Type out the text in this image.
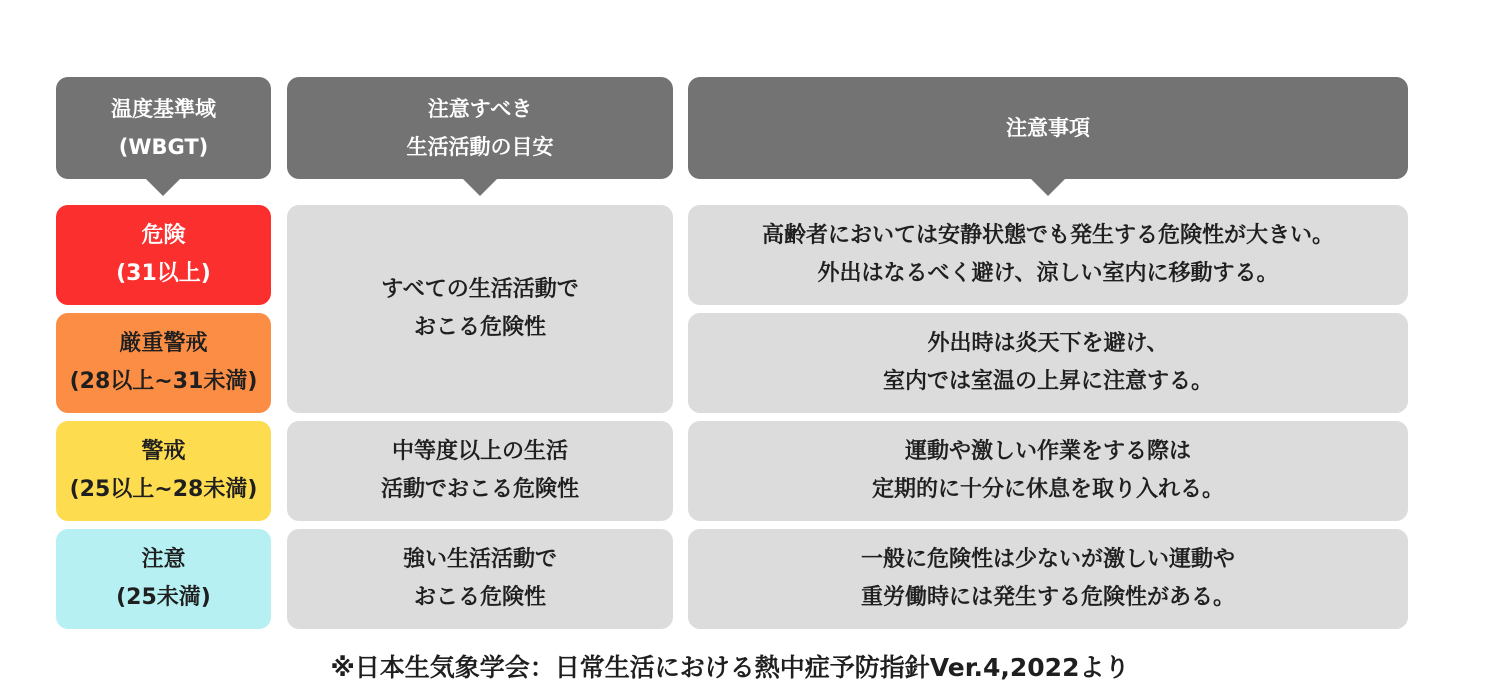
温度基準域
(WBGT)
注意すべき
生活活動の目安
注意事項
危険
(31以上)
厳重警戒
(28以上~31未満)
警戒
(25以上~28未満)
注意
(25未満)
すべての生活活動で
おこる危険性
中等度以上の生活
活動でおこる危険性
強い生活活動で
おこる危険性
高齢者においては安静状態でも発生する危険性が大きい。
外出はなるべく避け、涼しい室内に移動する。
外出時は炎天下を避け、
室内では室温の上昇に注意する。
運動や激しい作業をする際は
定期的に十分に休息を取り入れる。
一般に危険性は少ないが激しい運動や
重労働時には発生する危険性がある。
※日本生気象学会：日常生活における熱中症予防指針Ver.4,2022より
